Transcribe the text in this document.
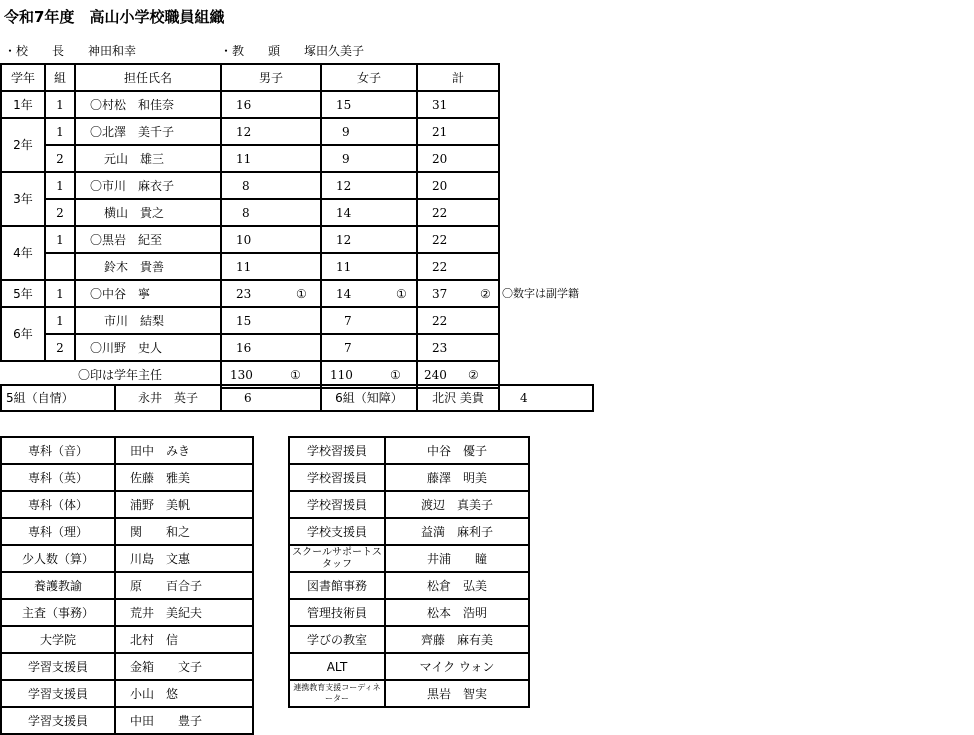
令和7年度　高山小学校職員組織
・校　　長　　 神田和幸	・教　　頭　　 塚田久美子
学年	組	担任氏名	男子	女子	計
1年	1	〇村松　和佳奈	16	15	31

2年	1	〇北澤　美千子	12	9	21

	2	元山　雄三	11	9	20

3年	1	〇市川　麻衣子	8	12	20

	2	横山　貴之	8	14	22

4年	1	〇黒岩　紀至	10	12	22

		鈴木　貴善	11	11	22

5年	1	〇中谷　寧	23 ①	14 ①	37 ②

6年	1	市川　結梨	15	7	22

	2	〇川野　史人	16	7	23

	〇印は学年主任		130 ①	110 ①	240 ②
〇数字は副学籍
5組（自情）	永井　英子	6	6組（知障）	北沢 美貴	4
専科（音）	田中　みき
専科（英）	佐藤　雅美
専科（体）	浦野　美帆
専科（理）	関　　和之
少人数（算）	川島　文惠
養護教諭	原　　百合子
主査（事務）	荒井　美紀夫
大学院	北村　信
学習支援員	金箱　　文子
学習支援員	小山　悠
学習支援員	中田　　豊子
学校習援員	中谷　優子
学校習援員	藤澤　明美
学校習援員	渡辺　真美子
学校支援員	益満　麻利子
スクールサポートスタッフ	井浦　　瞳
図書館事務	松倉　弘美
管理技術員	松本　浩明
学びの教室	齊藤　麻有美
ALT	マイク ウォン
連携教育支援コーディネーター	黒岩　智実
